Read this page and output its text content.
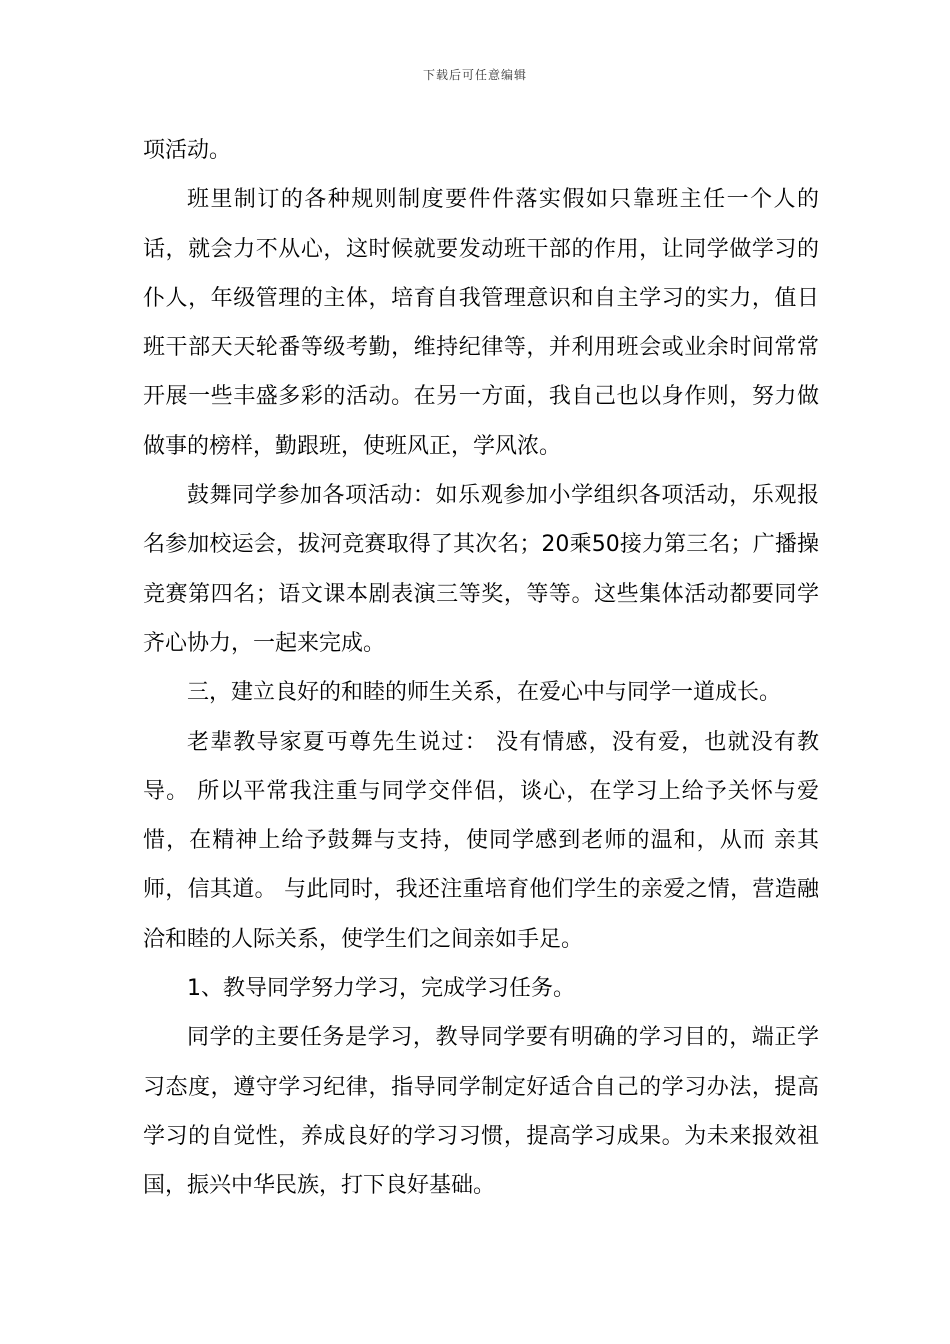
下载后可任意编辑

项活动。

班里制订的各种规则制度要件件落实假如只靠班主任一个人的话，就会力不从心，这时候就要发动班干部的作用，让同学做学习的仆人，年级管理的主体，培育自我管理意识和自主学习的实力，值日班干部天天轮番等级考勤，维持纪律等，并利用班会或业余时间常常开展一些丰盛多彩的活动。在另一方面，我自己也以身作则，努力做做事的榜样，勤跟班，使班风正，学风浓。

鼓舞同学参加各项活动：如乐观参加小学组织各项活动，乐观报名参加校运会，拔河竞赛取得了其次名；20乘50接力第三名；广播操竞赛第四名；语文课本剧表演三等奖，等等。这些集体活动都要同学齐心协力，一起来完成。

三，建立良好的和睦的师生关系，在爱心中与同学一道成长。

老辈教导家夏丏尊先生说过： 没有情感，没有爱，也就没有教导。 所以平常我注重与同学交伴侣，谈心，在学习上给予关怀与爱惜，在精神上给予鼓舞与支持，使同学感到老师的温和，从而 亲其师，信其道。 与此同时，我还注重培育他们学生的亲爱之情，营造融洽和睦的人际关系，使学生们之间亲如手足。

1、教导同学努力学习，完成学习任务。

同学的主要任务是学习，教导同学要有明确的学习目的，端正学习态度，遵守学习纪律，指导同学制定好适合自己的学习办法，提高学习的自觉性，养成良好的学习习惯，提高学习成果。为未来报效祖国，振兴中华民族，打下良好基础。
